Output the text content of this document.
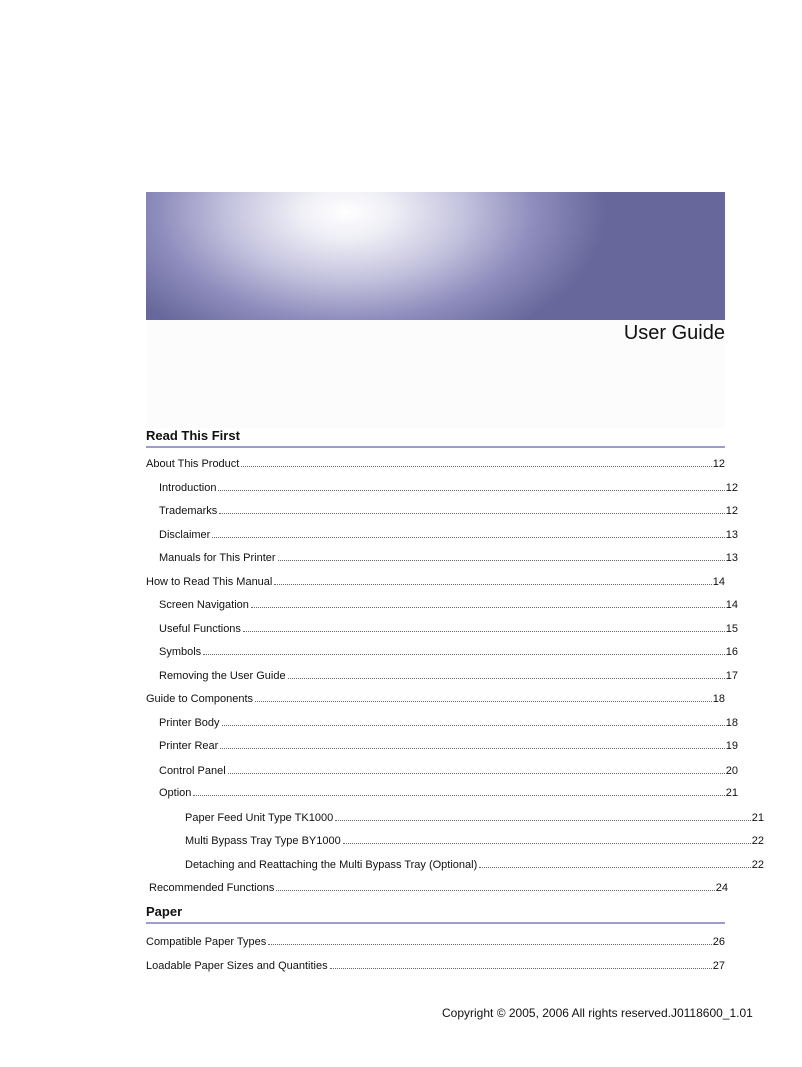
User Guide
Read This First
About This Product	12
Introduction	12
Trademarks	12
Disclaimer	13
Manuals for This Printer	13
How to Read This Manual	14
Screen Navigation	14
Useful Functions	15
Symbols	16
Removing the User Guide	17
Guide to Components	18
Printer Body	18
Printer Rear	19
Control Panel	20
Option	21
Paper Feed Unit Type TK1000	21
Multi Bypass Tray Type BY1000	22
Detaching and Reattaching the Multi Bypass Tray (Optional)	22
Recommended Functions	24
Compatible Paper Types	26
Loadable Paper Sizes and Quantities	27
Paper
Copyright © 2005, 2006 All rights reserved.J0118600_1.01
